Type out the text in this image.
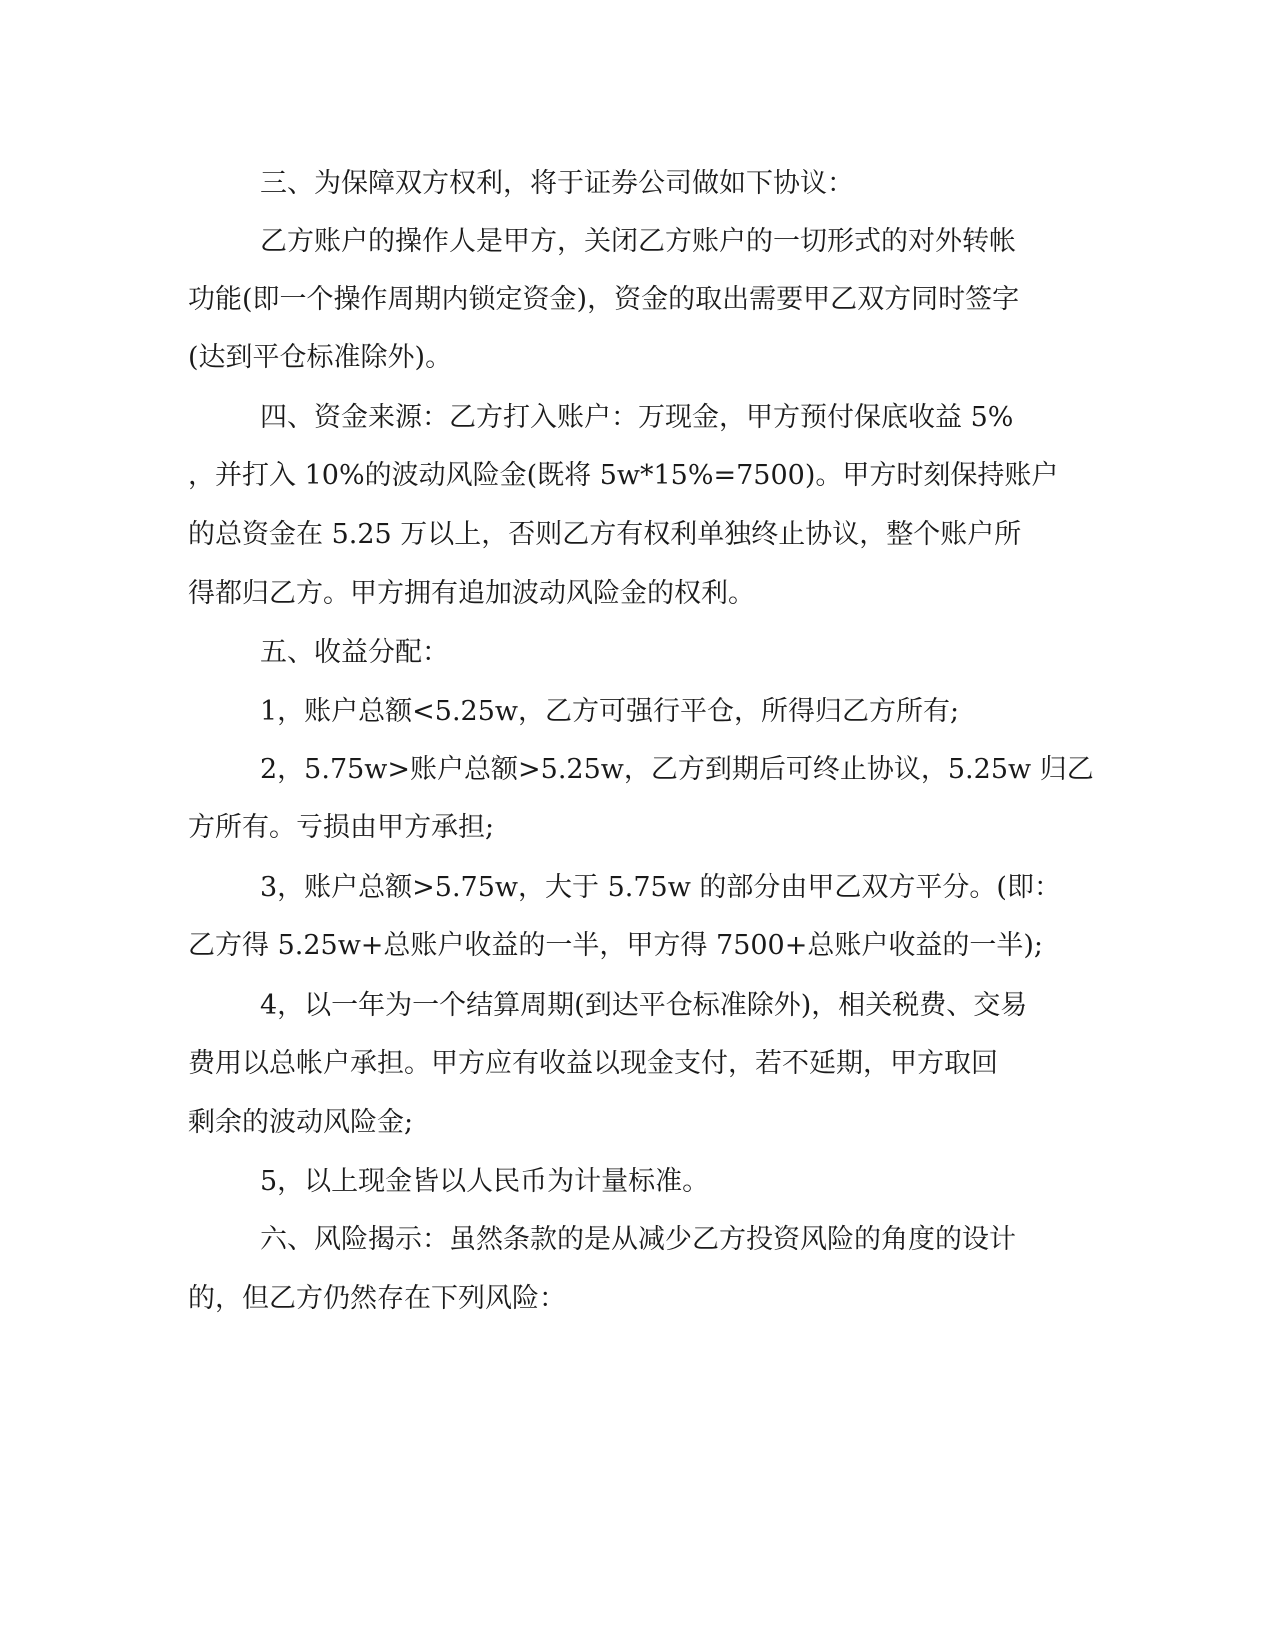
三、为保障双方权利，将于证券公司做如下协议：
乙方账户的操作人是甲方，关闭乙方账户的一切形式的对外转帐
功能(即一个操作周期内锁定资金)，资金的取出需要甲乙双方同时签字
(达到平仓标准除外)。
四、资金来源：乙方打入账户：万现金，甲方预付保底收益 5%
，并打入 10%的波动风险金(既将 5w*15%=7500)。甲方时刻保持账户
的总资金在 5.25 万以上，否则乙方有权利单独终止协议，整个账户所
得都归乙方。甲方拥有追加波动风险金的权利。
五、收益分配：
1，账户总额<5.25w，乙方可强行平仓，所得归乙方所有;
2，5.75w>账户总额>5.25w，乙方到期后可终止协议，5.25w 归乙
方所有。亏损由甲方承担;
3，账户总额>5.75w，大于 5.75w 的部分由甲乙双方平分。(即：
乙方得 5.25w+总账户收益的一半，甲方得 7500+总账户收益的一半);
4，以一年为一个结算周期(到达平仓标准除外)，相关税费、交易
费用以总帐户承担。甲方应有收益以现金支付，若不延期，甲方取回
剩余的波动风险金;
5，以上现金皆以人民币为计量标准。
六、风险揭示：虽然条款的是从减少乙方投资风险的角度的设计
的，但乙方仍然存在下列风险：
